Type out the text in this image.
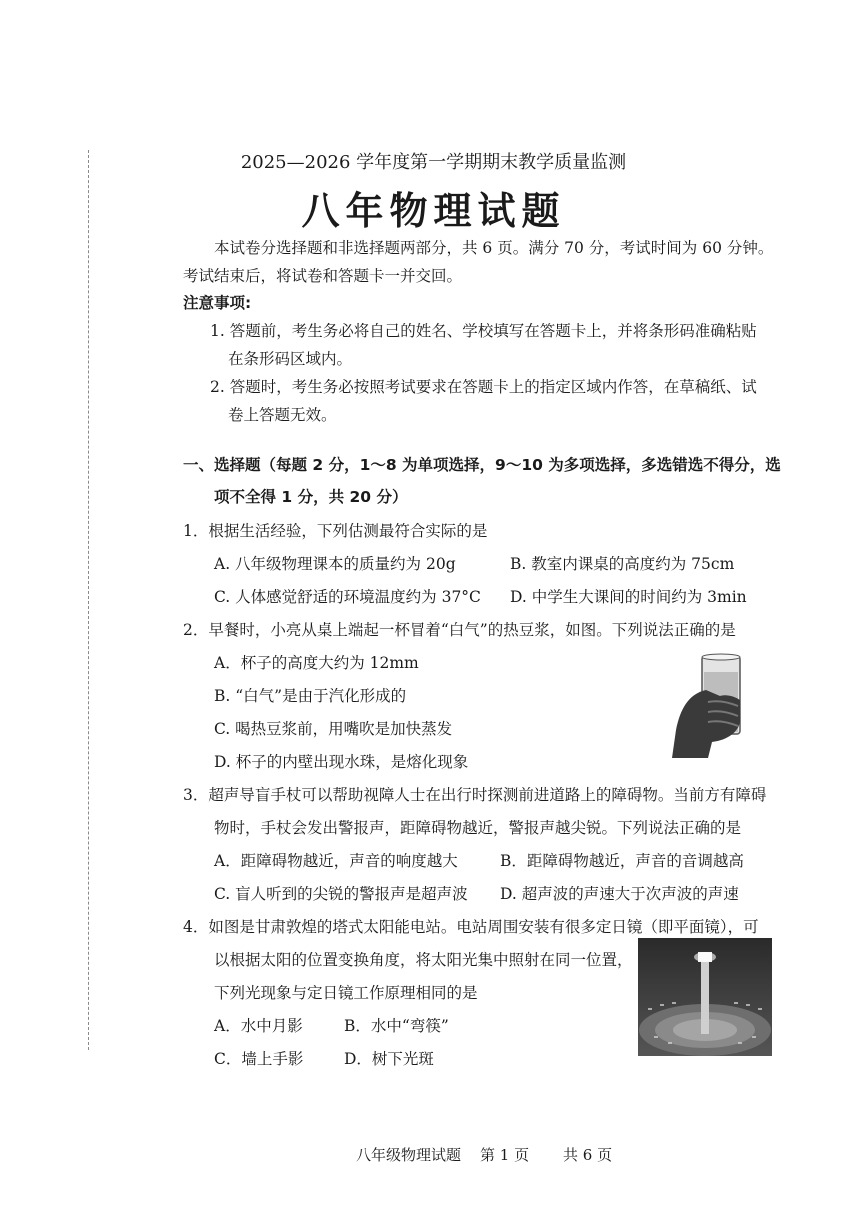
2025—2026 学年度第一学期期末教学质量监测
八年物理试题
本试卷分选择题和非选择题两部分，共 6 页。满分 70 分，考试时间为 60 分钟。
考试结束后，将试卷和答题卡一并交回。
注意事项:
1. 答题前，考生务必将自己的姓名、学校填写在答题卡上，并将条形码准确粘贴
在条形码区域内。
2. 答题时，考生务必按照考试要求在答题卡上的指定区域内作答，在草稿纸、试
卷上答题无效。
一、选择题（每题 2 分，1～8 为单项选择，9～10 为多项选择，多选错选不得分，选
项不全得 1 分，共 20 分）
1．根据生活经验，下列估测最符合实际的是
A. 八年级物理课本的质量约为 20g	B. 教室内课桌的高度约为 75cm
C. 人体感觉舒适的环境温度约为 37°C D. 中学生大课间的时间约为 3min
2．早餐时，小亮从桌上端起一杯冒着“白气”的热豆浆，如图。下列说法正确的是
A．杯子的高度大约为 12mm
B. “白气”是由于汽化形成的
C. 喝热豆浆前，用嘴吹是加快蒸发
D. 杯子的内壁出现水珠，是熔化现象
3．超声导盲手杖可以帮助视障人士在出行时探测前进道路上的障碍物。当前方有障碍
物时，手杖会发出警报声，距障碍物越近，警报声越尖锐。下列说法正确的是
A．距障碍物越近，声音的响度越大	B．距障碍物越近，声音的音调越高
C. 盲人听到的尖锐的警报声是超声波 D. 超声波的声速大于次声波的声速
4．如图是甘肃敦煌的塔式太阳能电站。电站周围安装有很多定日镜（即平面镜），可
以根据太阳的位置变换角度，将太阳光集中照射在同一位置，
下列光现象与定日镜工作原理相同的是
A．水中月影	B．水中“弯筷”
C．墙上手影	D．树下光斑
八年级物理试题 第 1 页 共 6 页
